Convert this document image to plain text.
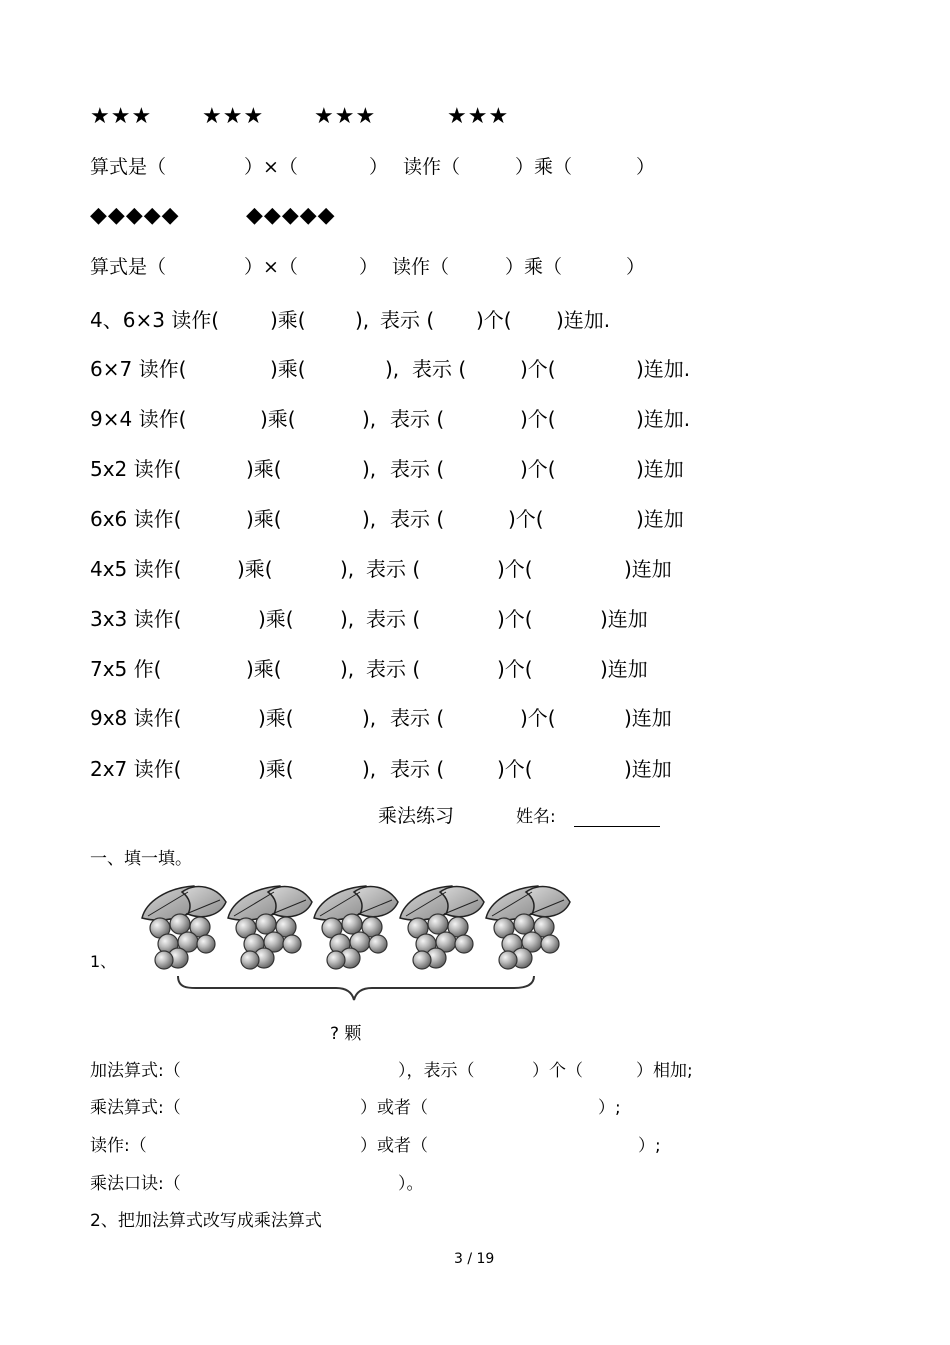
★★★ ★★★ ★★★	★★★
算式是（	）×（	） 读作（	）乘（	）
◆◆◆◆◆	◆◆◆◆◆
算式是（	）×（	） 读作（	）乘（	）
4、6×3 读作(	)乘( ), 表示 ( )个( )连加.
6×7 读作(	)乘(	), 表示 (	)个(	)连加.
9×4 读作(	)乘(	), 表示 (	)个(	)连加.
5x2 读作(	)乘(	), 表示 (	)个(	)连加
6x6 读作(	)乘(	), 表示 (	)个(	)连加
4x5 读作(	)乘(	), 表示 (	)个(	)连加
3x3 读作(	)乘( ), 表示 (	)个(	)连加
7x5 作(	)乘(	), 表示 (	)个(	)连加
9x8 读作(	)乘(	), 表示 (	)个(	)连加
2x7 读作(	)乘(	), 表示 (	)个(	)连加
乘法练习	姓名:
一、填一填。
1、
? 颗
加法算式:（	），表示（	）个（	）相加;
乘法算式:（	）或者（	）;
读作:（	）或者（	）;
乘法口诀:（	）。
2、把加法算式改写成乘法算式
3 / 19
